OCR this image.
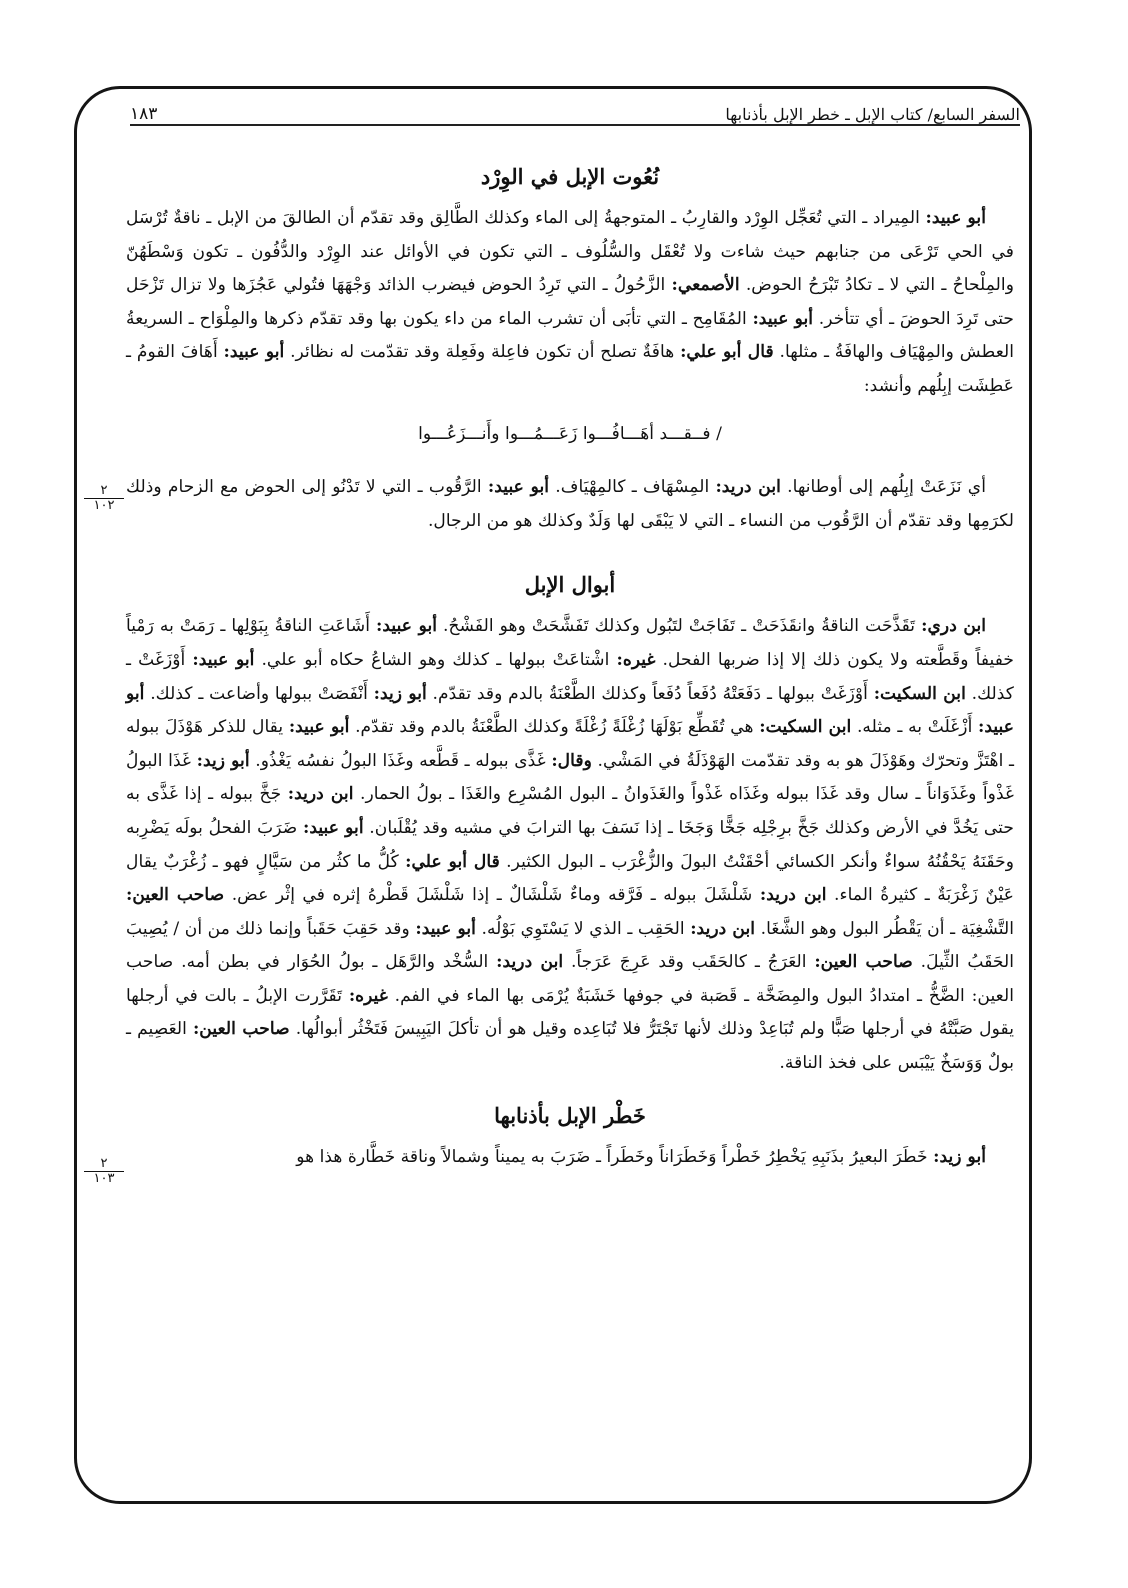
١٨٣	السفر السابع/ كتاب الإبل ـ خطر الإبل بأذنابها
٢
١٠٢
٢
١٠٣
نُعُوت الإبل في الوِرْد

أبو عبيد: المِيراد ـ التي تُعَجِّل الوِرْد والقارِبُ ـ المتوجهةُ إلى الماء وكذلك الطَّالِق وقد تقدّم أن الطالقَ من الإبل ـ ناقةٌ تُرْسَل في الحي تَرْعَى من جنابهم حيث شاءت ولا تُعْقَل والسُّلُوف ـ التي تكون في الأوائل عند الوِرْد والدُّفُون ـ تكون وَسْطَهُنّ والمِلْحاحُ ـ التي لا ـ تكادُ تَبْرَحُ الحوض. الأصمعي: الزَّحُولُ ـ التي تَرِدُ الحوض فيضرب الذائد وَجْهَهَا فتُولي عَجُزَها ولا تزال تَزْحَل حتى تَرِدَ الحوضَ ـ أي تتأخر. أبو عبيد: المُقَامِح ـ التي تأبَى أن تشرب الماء من داء يكون بها وقد تقدّم ذكرها والمِلْوَاح ـ السريعةُ العطش والمِهْيَاف والهافَةُ ـ مثلها. قال أبو علي: هافَةٌ تصلح أن تكون فاعِلة وفَعِلة وقد تقدّمت له نظائر. أبو عبيد: أَهَافَ القومُ ـ عَطِشَت إبِلُهم وأنشد:

/ فــقـــد أهَـــافُـــوا زَعَـــمُـــوا وأَنـــزَعُـــوا

أي نَزَعَتْ إبِلُهم إلى أوطانها. ابن دريد: المِسْهَاف ـ كالمِهْيَاف. أبو عبيد: الرَّقُوب ـ التي لا تَدْنُو إلى الحوض مع الزحام وذلك لكرَمِها وقد تقدّم أن الرَّقُوب من النساء ـ التي لا يَبْقَى لها وَلَدٌ وكذلك هو من الرجال.

أبوال الإبل

ابن دري: تَقَذَّحَت الناقةُ وانقَذَحَتْ ـ تَفَاجَتْ لتَبُول وكذلك تَفَشَّحَتْ وهو الفَشْحُ. أبو عبيد: أَشَاعَتِ الناقةُ بِبَوْلِها ـ رَمَتْ به رَمْياً خفيفاً وقَطَّعته ولا يكون ذلك إلا إذا ضربها الفحل. غيره: اشْتاعَتْ ببولها ـ كذلك وهو الشاعُ حكاه أبو علي. أبو عبيد: أَوْزَغَتْ ـ كذلك. ابن السكيت: أَوْزَغَتْ ببولها ـ دَفَعَتْهُ دُفَعاً دُفَعاً وكذلك الطَّعْنَةُ بالدم وقد تقدّم. أبو زيد: أَنْفَصَتْ ببولها وأضاعت ـ كذلك. أبو عبيد: أَزْغَلَتْ به ـ مثله. ابن السكيت: هي تُقَطِّع بَوْلَهَا زُغْلَةً زُغْلَةً وكذلك الطَّعْنَةُ بالدم وقد تقدّم. أبو عبيد: يقال للذكر هَوْذَلَ ببوله ـ اهْتَزَّ وتحرّك وهَوْذَلَ هو به وقد تقدّمت الهَوْذَلَةُ في المَشْي. وقال: غَذَّى ببوله ـ قَطَّعه وغَذَا البولُ نفسُه يَغْذُو. أبو زيد: غَذَا البولُ غَذْواً وغَذَوَاناً ـ سال وقد غَذَا ببوله وغَذَاه غَذْواً والغَذَوانُ ـ البول المُسْرِع والغَذَا ـ بولُ الحمار. ابن دريد: جَخَّ ببوله ـ إذا غَذَّى به حتى يَخُدَّ في الأرض وكذلك جَخَّ برِجْلِه جَخًّا وَجَخَا ـ إذا نَسَفَ بها الترابَ في مشيه وقد يُقْلَبان. أبو عبيد: ضَرَبَ الفحلُ بولَه يَضْرِبه وحَقَنَهُ يَحْقُنُهُ سواءٌ وأنكر الكسائي أحْقَنْتُ البولَ والزُّغْرَب ـ البول الكثير. قال أبو علي: كُلُّ ما كثُر من سَيَّالٍ فهو ـ زُغْرَبٌ يقال عَيْنٌ زَغْرَبَةٌ ـ كثيرةُ الماء. ابن دريد: شَلْشَلَ ببوله ـ فَرَّقه وماءٌ شَلْشَالٌ ـ إذا شَلْشَلَ قَطْرهُ إثره في إثْر عض. صاحب العين: التَّشْغِيَة ـ أن يَقْطُر البول وهو الشَّغَا. ابن دريد: الحَقِب ـ الذي لا يَسْتَوِي بَوْلُه. أبو عبيد: وقد حَقِبَ حَقَباً وإنما ذلك من أن / يُصِيبَ الحَقَبُ الثِّيلَ. صاحب العين: العَرَجُ ـ كالحَقَب وقد عَرِجَ عَرَجاً. ابن دريد: السُّخْد والرَّهَل ـ بولُ الحُوَار في بطن أمه. صاحب العين: الضَّخُّ ـ امتدادُ البول والمِضَخَّة ـ قَصَبة في جوفها خَشَبَةٌ يُرْمَى بها الماء في الفم. غيره: تَقَرَّرت الإبلُ ـ بالت في أرجلها يقول صَبَّتْهُ في أرجلها صَبًّا ولم تُبَاعِدْ وذلك لأنها تَجْتَرُّ فلا تُبَاعِده وقيل هو أن تأكلَ اليَبِيسَ فَتَخْثُر أبوالُها. صاحب العين: العَصِيم ـ بولٌ وَوَسَخٌ يَيْبَس على فخذ الناقة.

خَطْر الإبل بأذنابها

أبو زيد: خَطَرَ البعيرُ بذَنَبِهِ يَخْطِرُ خَطْراً وَخَطَرَاناً وخَطَراً ـ ضَرَبَ به يميناً وشمالاً وناقة خَطَّارة هذا هو
